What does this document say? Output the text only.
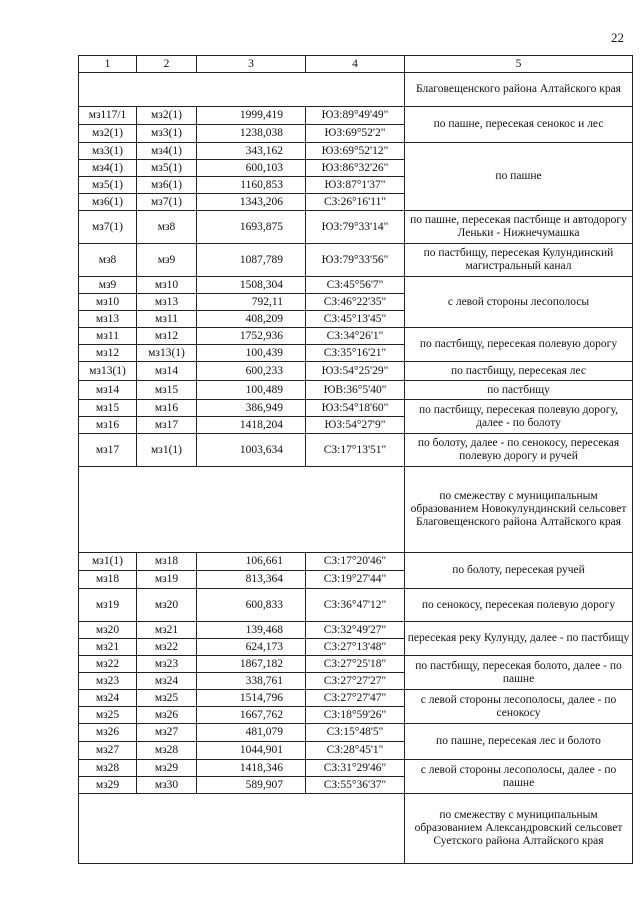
22
1	2	3	4	5
				Благовещенского района Алтайского края
мз117/1	мз2(1)	1999,419	ЮЗ:89°49'49"	по пашне, пересекая сенокос и лес
мз2(1)	мз3(1)	1238,038	ЮЗ:69°52'2"	
мз3(1)	мз4(1)	343,162	ЮЗ:69°52'12"	по пашне
мз4(1)	мз5(1)	600,103	ЮЗ:86°32'26"	
мз5(1)	мз6(1)	1160,853	ЮЗ:87°1'37"	
мз6(1)	мз7(1)	1343,206	СЗ:26°16'11"	
мз7(1)	мз8	1693,875	ЮЗ:79°33'14"	по пашне, пересекая пастбище и автодорогу Леньки - Нижнечумашка
мз8	мз9	1087,789	ЮЗ:79°33'56"	по пастбищу, пересекая Кулундинский магистральный канал
мз9	мз10	1508,304	СЗ:45°56'7"	с левой стороны лесополосы
мз10	мз13	792,11	СЗ:46°22'35"	
мз13	мз11	408,209	СЗ:45°13'45"	
мз11	мз12	1752,936	СЗ:34°26'1"	по пастбищу, пересекая полевую дорогу
мз12	мз13(1)	100,439	СЗ:35°16'21"	
мз13(1)	мз14	600,233	ЮЗ:54°25'29"	по пастбищу, пересекая лес
мз14	мз15	100,489	ЮВ:36°5'40"	по пастбищу
мз15	мз16	386,949	ЮЗ:54°18'60"	по пастбищу, пересекая полевую дорогу, далее - по болоту
мз16	мз17	1418,204	ЮЗ:54°27'9"	
мз17	мз1(1)	1003,634	СЗ:17°13'51"	по болоту, далее - по сенокосу, пересекая полевую дорогу и ручей
				по смежеству с муниципальным образованием Новокулундинский сельсовет Благовещенского района Алтайского края
мз1(1)	мз18	106,661	СЗ:17°20'46"	по болоту, пересекая ручей
мз18	мз19	813,364	СЗ:19°27'44"	
мз19	мз20	600,833	СЗ:36°47'12"	по сенокосу, пересекая полевую дорогу
мз20	мз21	139,468	СЗ:32°49'27"	пересекая реку Кулунду, далее - по пастбищу
мз21	мз22	624,173	СЗ:27°13'48"	
мз22	мз23	1867,182	СЗ:27°25'18"	по пастбищу, пересекая болото, далее - по пашне
мз23	мз24	338,761	СЗ:27°27'27"	
мз24	мз25	1514,796	СЗ:27°27'47"	с левой стороны лесополосы, далее - по сенокосу
мз25	мз26	1667,762	СЗ:18°59'26"	
мз26	мз27	481,079	СЗ:15°48'5"	по пашне, пересекая лес и болото
мз27	мз28	1044,901	СЗ:28°45'1"	
мз28	мз29	1418,346	СЗ:31°29'46"	с левой стороны лесополосы, далее - по пашне
мз29	мз30	589,907	СЗ:55°36'37"	
				по смежеству с муниципальным образованием Александровский сельсовет Суетского района Алтайского края
